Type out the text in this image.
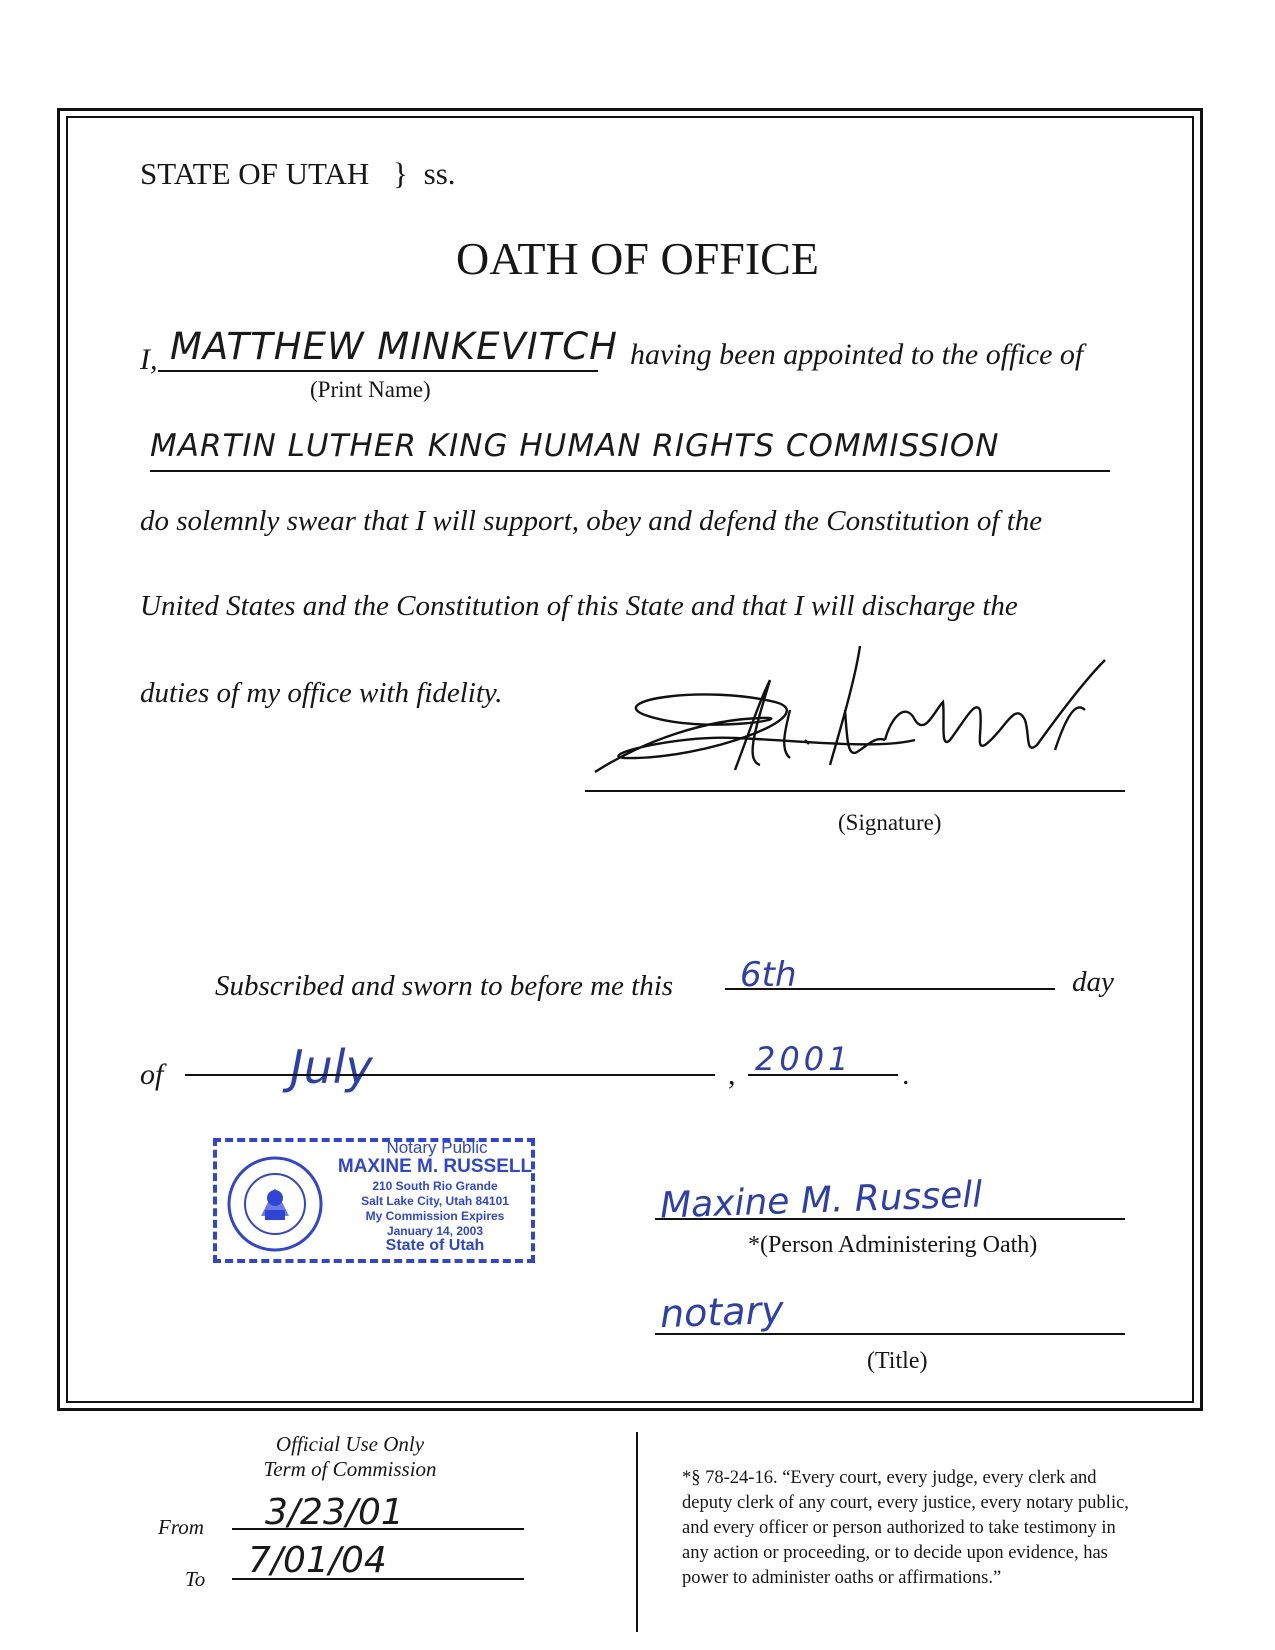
STATE OF UTAH } ss.
OATH OF OFFICE
I, MATTHEW MINKEVITCH
(Print Name)
having been appointed to the office of
MARTIN LUTHER KING HUMAN RIGHTS COMMISSION
do solemnly swear that I will support, obey and defend the Constitution of the
United States and the Constitution of this State and that I will discharge the
duties of my office with fidelity.
(Signature)
Subscribed and sworn to before me this 6th	day
of	July	, 2001 .
Notary Public
MAXINE M. RUSSELL
210 South Rio Grande
Salt Lake City, Utah 84101
My Commission Expires
January 14, 2003
State of Utah
Maxine M. Russell
*(Person Administering Oath)
notary
(Title)
Official Use Only
Term of Commission
From 3/23/01
To 7/01/04
*§ 78-24-16. “Every court, every judge, every clerk and
deputy clerk of any court, every justice, every notary public,
and every officer or person authorized to take testimony in
any action or proceeding, or to decide upon evidence, has
power to administer oaths or affirmations.”
